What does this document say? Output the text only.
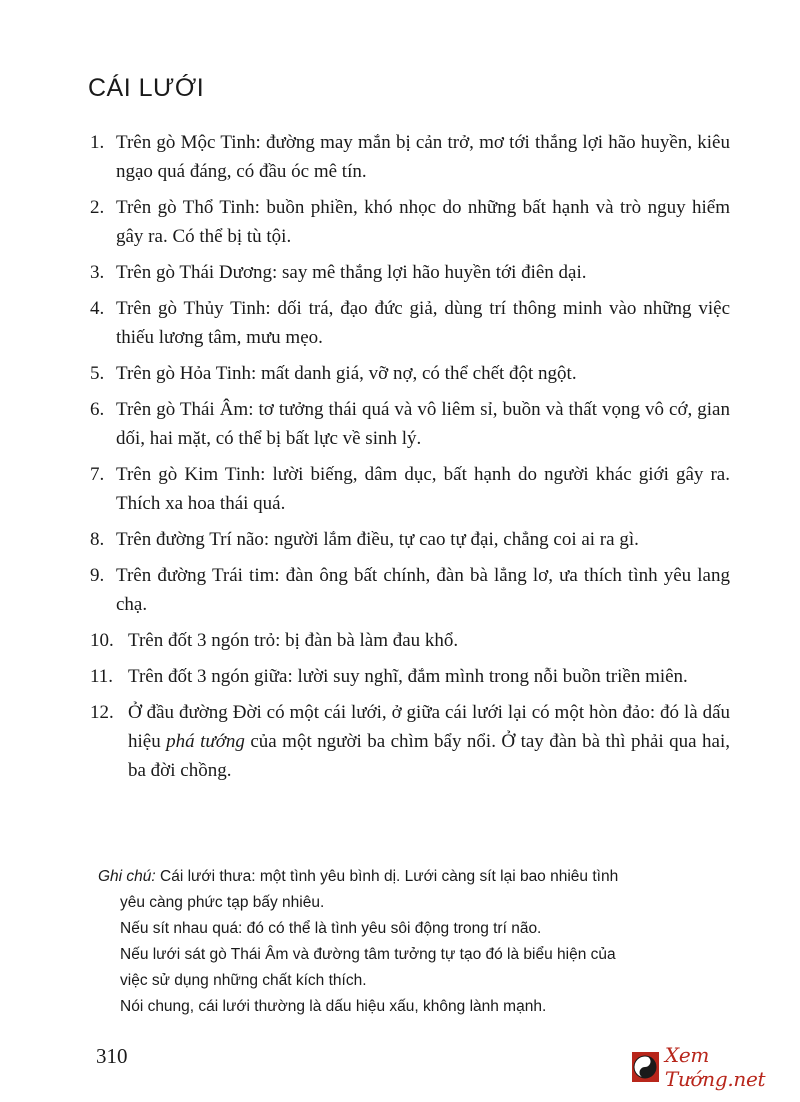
CÁI LƯỚI
1. Trên gò Mộc Tinh: đường may mắn bị cản trở, mơ tới thắng lợi hão huyền, kiêu ngạo quá đáng, có đầu óc mê tín.
2. Trên gò Thổ Tinh: buồn phiền, khó nhọc do những bất hạnh và trò nguy hiểm gây ra. Có thể bị tù tội.
3. Trên gò Thái Dương: say mê thắng lợi hão huyền tới điên dại.
4. Trên gò Thủy Tinh: dối trá, đạo đức giả, dùng trí thông minh vào những việc thiếu lương tâm, mưu mẹo.
5. Trên gò Hỏa Tinh: mất danh giá, vỡ nợ, có thể chết đột ngột.
6. Trên gò Thái Âm: tơ tưởng thái quá và vô liêm sỉ, buồn và thất vọng vô cớ, gian dối, hai mặt, có thể bị bất lực về sinh lý.
7. Trên gò Kim Tinh: lười biếng, dâm dục, bất hạnh do người khác giới gây ra. Thích xa hoa thái quá.
8. Trên đường Trí não: người lắm điều, tự cao tự đại, chẳng coi ai ra gì.
9. Trên đường Trái tim: đàn ông bất chính, đàn bà lẳng lơ, ưa thích tình yêu lang chạ.
10. Trên đốt 3 ngón trỏ: bị đàn bà làm đau khổ.
11. Trên đốt 3 ngón giữa: lười suy nghĩ, đắm mình trong nỗi buồn triền miên.
12. Ở đầu đường Đời có một cái lưới, ở giữa cái lưới lại có một hòn đảo: đó là dấu hiệu phá tướng của một người ba chìm bẩy nổi. Ở tay đàn bà thì phải qua hai, ba đời chồng.
Ghi chú: Cái lưới thưa: một tình yêu bình dị. Lưới càng sít lại bao nhiêu tình
yêu càng phức tạp bấy nhiêu.
Nếu sít nhau quá: đó có thể là tình yêu sôi động trong trí não.
Nếu lưới sát gò Thái Âm và đường tâm tưởng tự tạo đó là biểu hiện của
việc sử dụng những chất kích thích.
Nói chung, cái lưới thường là dấu hiệu xấu, không lành mạnh.
310	Xem Tướng.net
